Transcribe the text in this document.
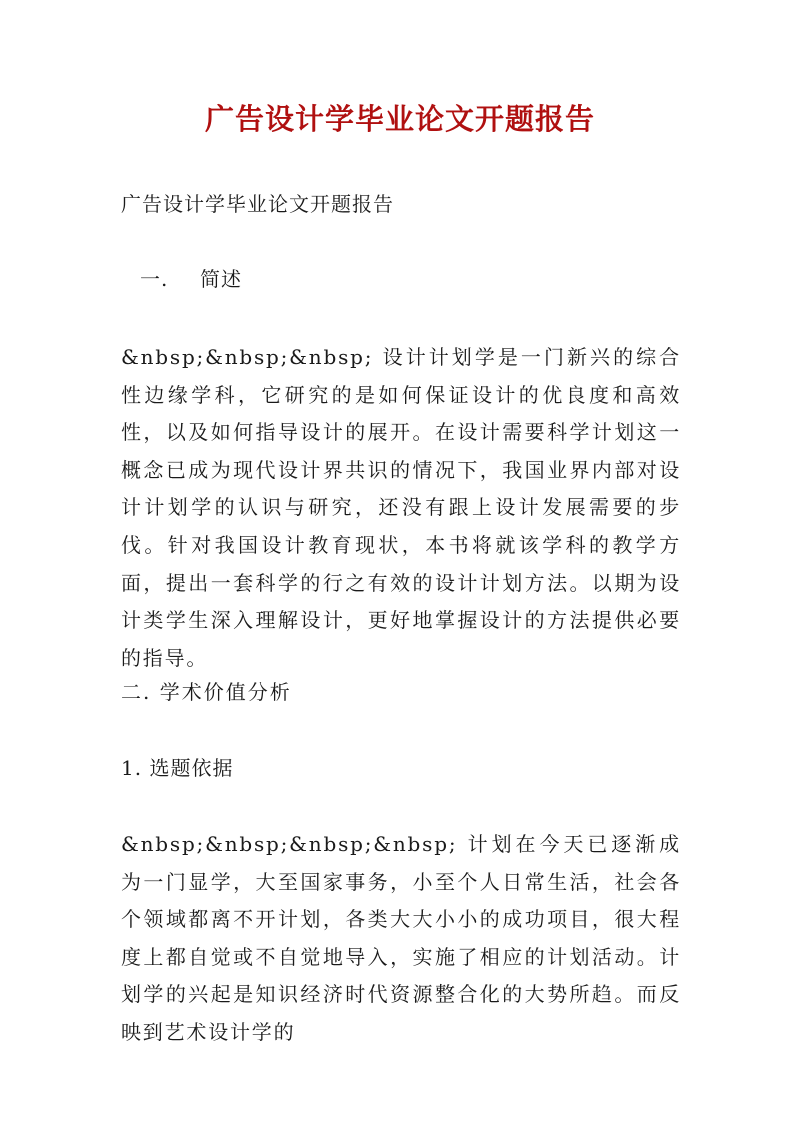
广告设计学毕业论文开题报告

广告设计学毕业论文开题报告

一. 简述

&nbsp;&nbsp;&nbsp; 设计计划学是一门新兴的综合性边缘学科，它研究的是如何保证设计的优良度和高效性，以及如何指导设计的展开。在设计需要科学计划这一概念已成为现代设计界共识的情况下，我国业界内部对设计计划学的认识与研究，还没有跟上设计发展需要的步伐。针对我国设计教育现状，本书将就该学科的教学方面，提出一套科学的行之有效的设计计划方法。以期为设计类学生深入理解设计，更好地掌握设计的方法提供必要的指导。

二. 学术价值分析

1. 选题依据

&nbsp;&nbsp;&nbsp;&nbsp; 计划在今天已逐渐成为一门显学，大至国家事务，小至个人日常生活，社会各个领域都离不开计划，各类大大小小的成功项目，很大程度上都自觉或不自觉地导入，实施了相应的计划活动。计划学的兴起是知识经济时代资源整合化的大势所趋。而反映到艺术设计学的
